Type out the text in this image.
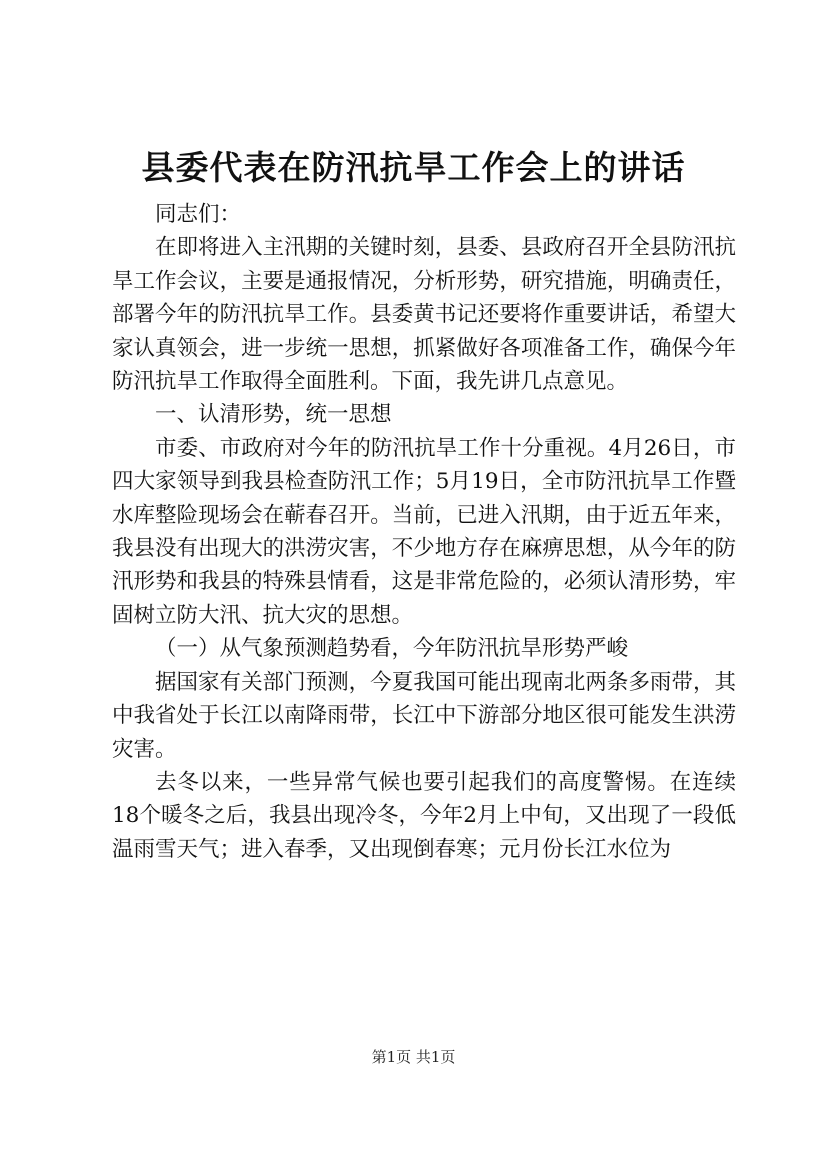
县委代表在防汛抗旱工作会上的讲话

同志们：

在即将进入主汛期的关键时刻，县委、县政府召开全县防汛抗旱工作会议，主要是通报情况，分析形势，研究措施，明确责任，部署今年的防汛抗旱工作。县委黄书记还要将作重要讲话，希望大家认真领会，进一步统一思想，抓紧做好各项准备工作，确保今年防汛抗旱工作取得全面胜利。下面，我先讲几点意见。

一、认清形势，统一思想

市委、市政府对今年的防汛抗旱工作十分重视。4月26日，市四大家领导到我县检查防汛工作；5月19日，全市防汛抗旱工作暨水库整险现场会在蕲春召开。当前，已进入汛期，由于近五年来，我县没有出现大的洪涝灾害，不少地方存在麻痹思想，从今年的防汛形势和我县的特殊县情看，这是非常危险的，必须认清形势，牢固树立防大汛、抗大灾的思想。

（一）从气象预测趋势看，今年防汛抗旱形势严峻

据国家有关部门预测，今夏我国可能出现南北两条多雨带，其中我省处于长江以南降雨带，长江中下游部分地区很可能发生洪涝灾害。

去冬以来，一些异常气候也要引起我们的高度警惕。在连续18个暖冬之后，我县出现冷冬，今年2月上中旬，又出现了一段低温雨雪天气；进入春季，又出现倒春寒；元月份长江水位为

第1页 共1页
